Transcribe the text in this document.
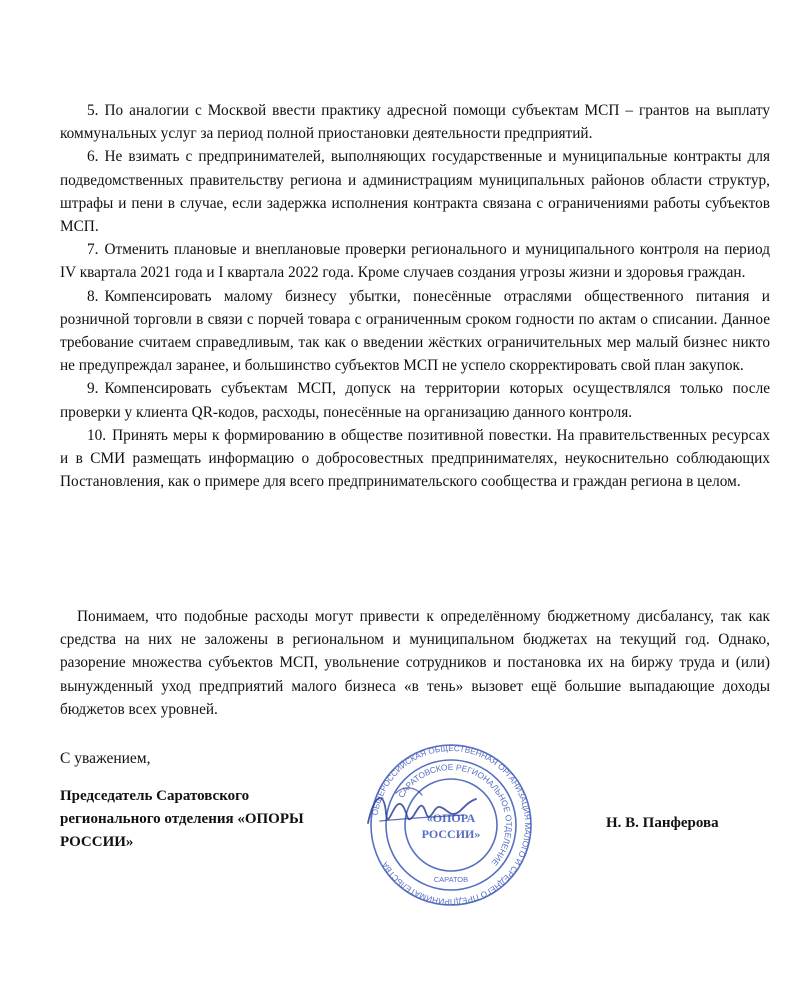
5. По аналогии с Москвой ввести практику адресной помощи субъектам МСП – грантов на выплату коммунальных услуг за период полной приостановки деятельности предприятий.

6. Не взимать с предпринимателей, выполняющих государственные и муниципальные контракты для подведомственных правительству региона и администрациям муниципальных районов области структур, штрафы и пени в случае, если задержка исполнения контракта связана с ограничениями работы субъектов МСП.

7. Отменить плановые и внеплановые проверки регионального и муниципального контроля на период IV квартала 2021 года и I квартала 2022 года. Кроме случаев создания угрозы жизни и здоровья граждан.

8. Компенсировать малому бизнесу убытки, понесённые отраслями общественного питания и розничной торговли в связи с порчей товара с ограниченным сроком годности по актам о списании. Данное требование считаем справедливым, так как о введении жёстких ограничительных мер малый бизнес никто не предупреждал заранее, и большинство субъектов МСП не успело скорректировать свой план закупок.

9. Компенсировать субъектам МСП, допуск на территории которых осуществлялся только после проверки у клиента QR-кодов, расходы, понесённые на организацию данного контроля.

10. Принять меры к формированию в обществе позитивной повестки. На правительственных ресурсах и в СМИ размещать информацию о добросовестных предпринимателях, неукоснительно соблюдающих Постановления, как о примере для всего предпринимательского сообщества и граждан региона в целом.

Понимаем, что подобные расходы могут привести к определённому бюджетному дисбалансу, так как средства на них не заложены в региональном и муниципальном бюджетах на текущий год. Однако, разорение множества субъектов МСП, увольнение сотрудников и постановка их на биржу труда и (или) вынужденный уход предприятий малого бизнеса «в тень» вызовет ещё большие выпадающие доходы бюджетов всех уровней.

С уважением,

Председатель Саратовского регионального отделения «ОПОРЫ РОССИИ»

ОБЩЕРОССИЙСКАЯ ОБЩЕСТВЕННАЯ ОРГАНИЗАЦИЯ МАЛОГО И СРЕДНЕГО ПРЕДПРИНИМАТЕЛЬСТВА
САРАТОВСКОЕ РЕГИОНАЛЬНОЕ ОТДЕЛЕНИЕ
«ОПОРА
РОССИИ»
САРАТОВ

Н. В. Панферова
